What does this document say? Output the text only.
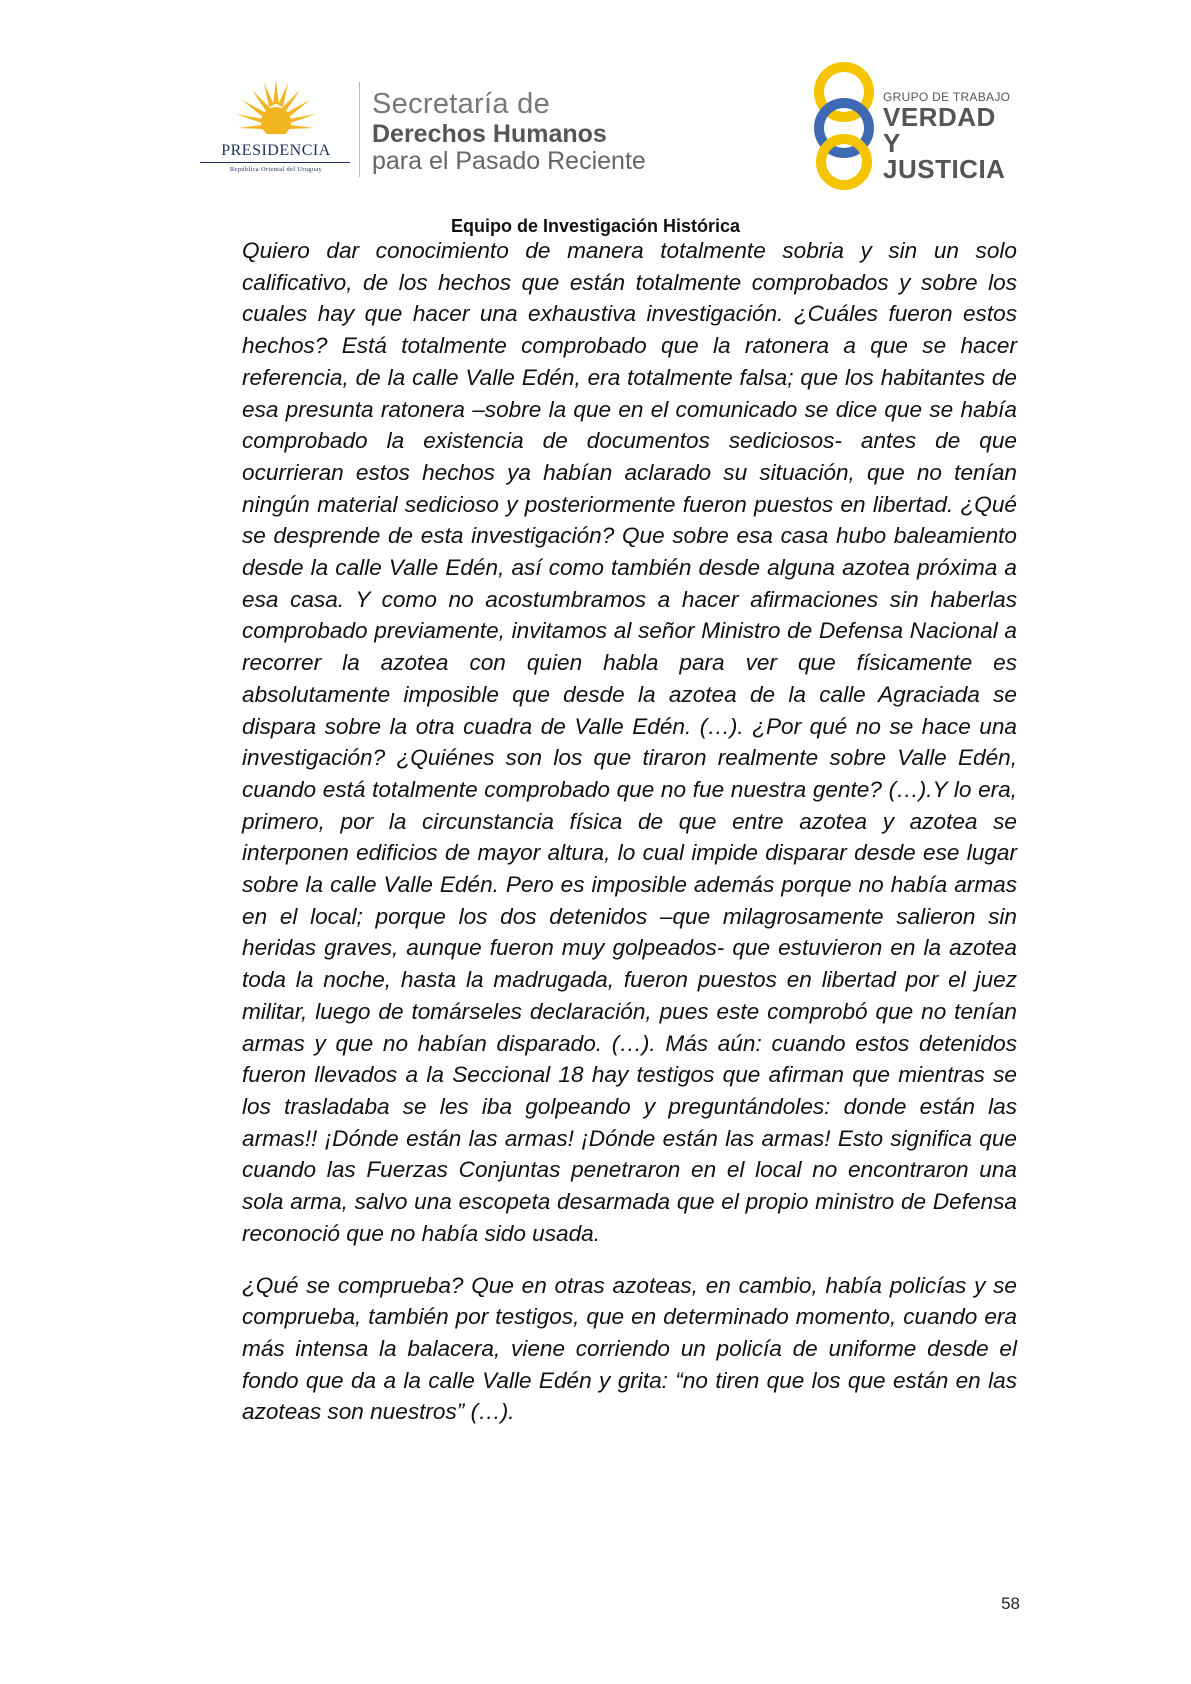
PRESIDENCIA
República Oriental del Uruguay
Secretaría de
Derechos Humanos
para el Pasado Reciente
GRUPO DE TRABAJO
VERDAD Y
JUSTICIA
Equipo de Investigación Histórica

Quiero dar conocimiento de manera totalmente sobria y sin un solo calificativo, de los hechos que están totalmente comprobados y sobre los cuales hay que hacer una exhaustiva investigación. ¿Cuáles fueron estos hechos? Está totalmente comprobado que la ratonera a que se hacer referencia, de la calle Valle Edén, era totalmente falsa; que los habitantes de esa presunta ratonera –sobre la que en el comunicado se dice que se había comprobado la existencia de documentos sediciosos- antes de que ocurrieran estos hechos ya habían aclarado su situación, que no tenían ningún material sedicioso y posteriormente fueron puestos en libertad. ¿Qué se desprende de esta investigación? Que sobre esa casa hubo baleamiento desde la calle Valle Edén, así como también desde alguna azotea próxima a esa casa. Y como no acostumbramos a hacer afirmaciones sin haberlas comprobado previamente, invitamos al señor Ministro de Defensa Nacional a recorrer la azotea con quien habla para ver que físicamente es absolutamente imposible que desde la azotea de la calle Agraciada se dispara sobre la otra cuadra de Valle Edén. (…). ¿Por qué no se hace una investigación? ¿Quiénes son los que tiraron realmente sobre Valle Edén, cuando está totalmente comprobado que no fue nuestra gente? (…).Y lo era, primero, por la circunstancia física de que entre azotea y azotea se interponen edificios de mayor altura, lo cual impide disparar desde ese lugar sobre la calle Valle Edén. Pero es imposible además porque no había armas en el local; porque los dos detenidos –que milagrosamente salieron sin heridas graves, aunque fueron muy golpeados- que estuvieron en la azotea toda la noche, hasta la madrugada, fueron puestos en libertad por el juez militar, luego de tomárseles declaración, pues este comprobó que no tenían armas y que no habían disparado. (…). Más aún: cuando estos detenidos fueron llevados a la Seccional 18 hay testigos que afirman que mientras se los trasladaba se les iba golpeando y preguntándoles: donde están las armas!! ¡Dónde están las armas! ¡Dónde están las armas! Esto significa que cuando las Fuerzas Conjuntas penetraron en el local no encontraron una sola arma, salvo una escopeta desarmada que el propio ministro de Defensa reconoció que no había sido usada.

¿Qué se comprueba? Que en otras azoteas, en cambio, había policías y se comprueba, también por testigos, que en determinado momento, cuando era más intensa la balacera, viene corriendo un policía de uniforme desde el fondo que da a la calle Valle Edén y grita: “no tiren que los que están en las azoteas son nuestros” (…).

58
